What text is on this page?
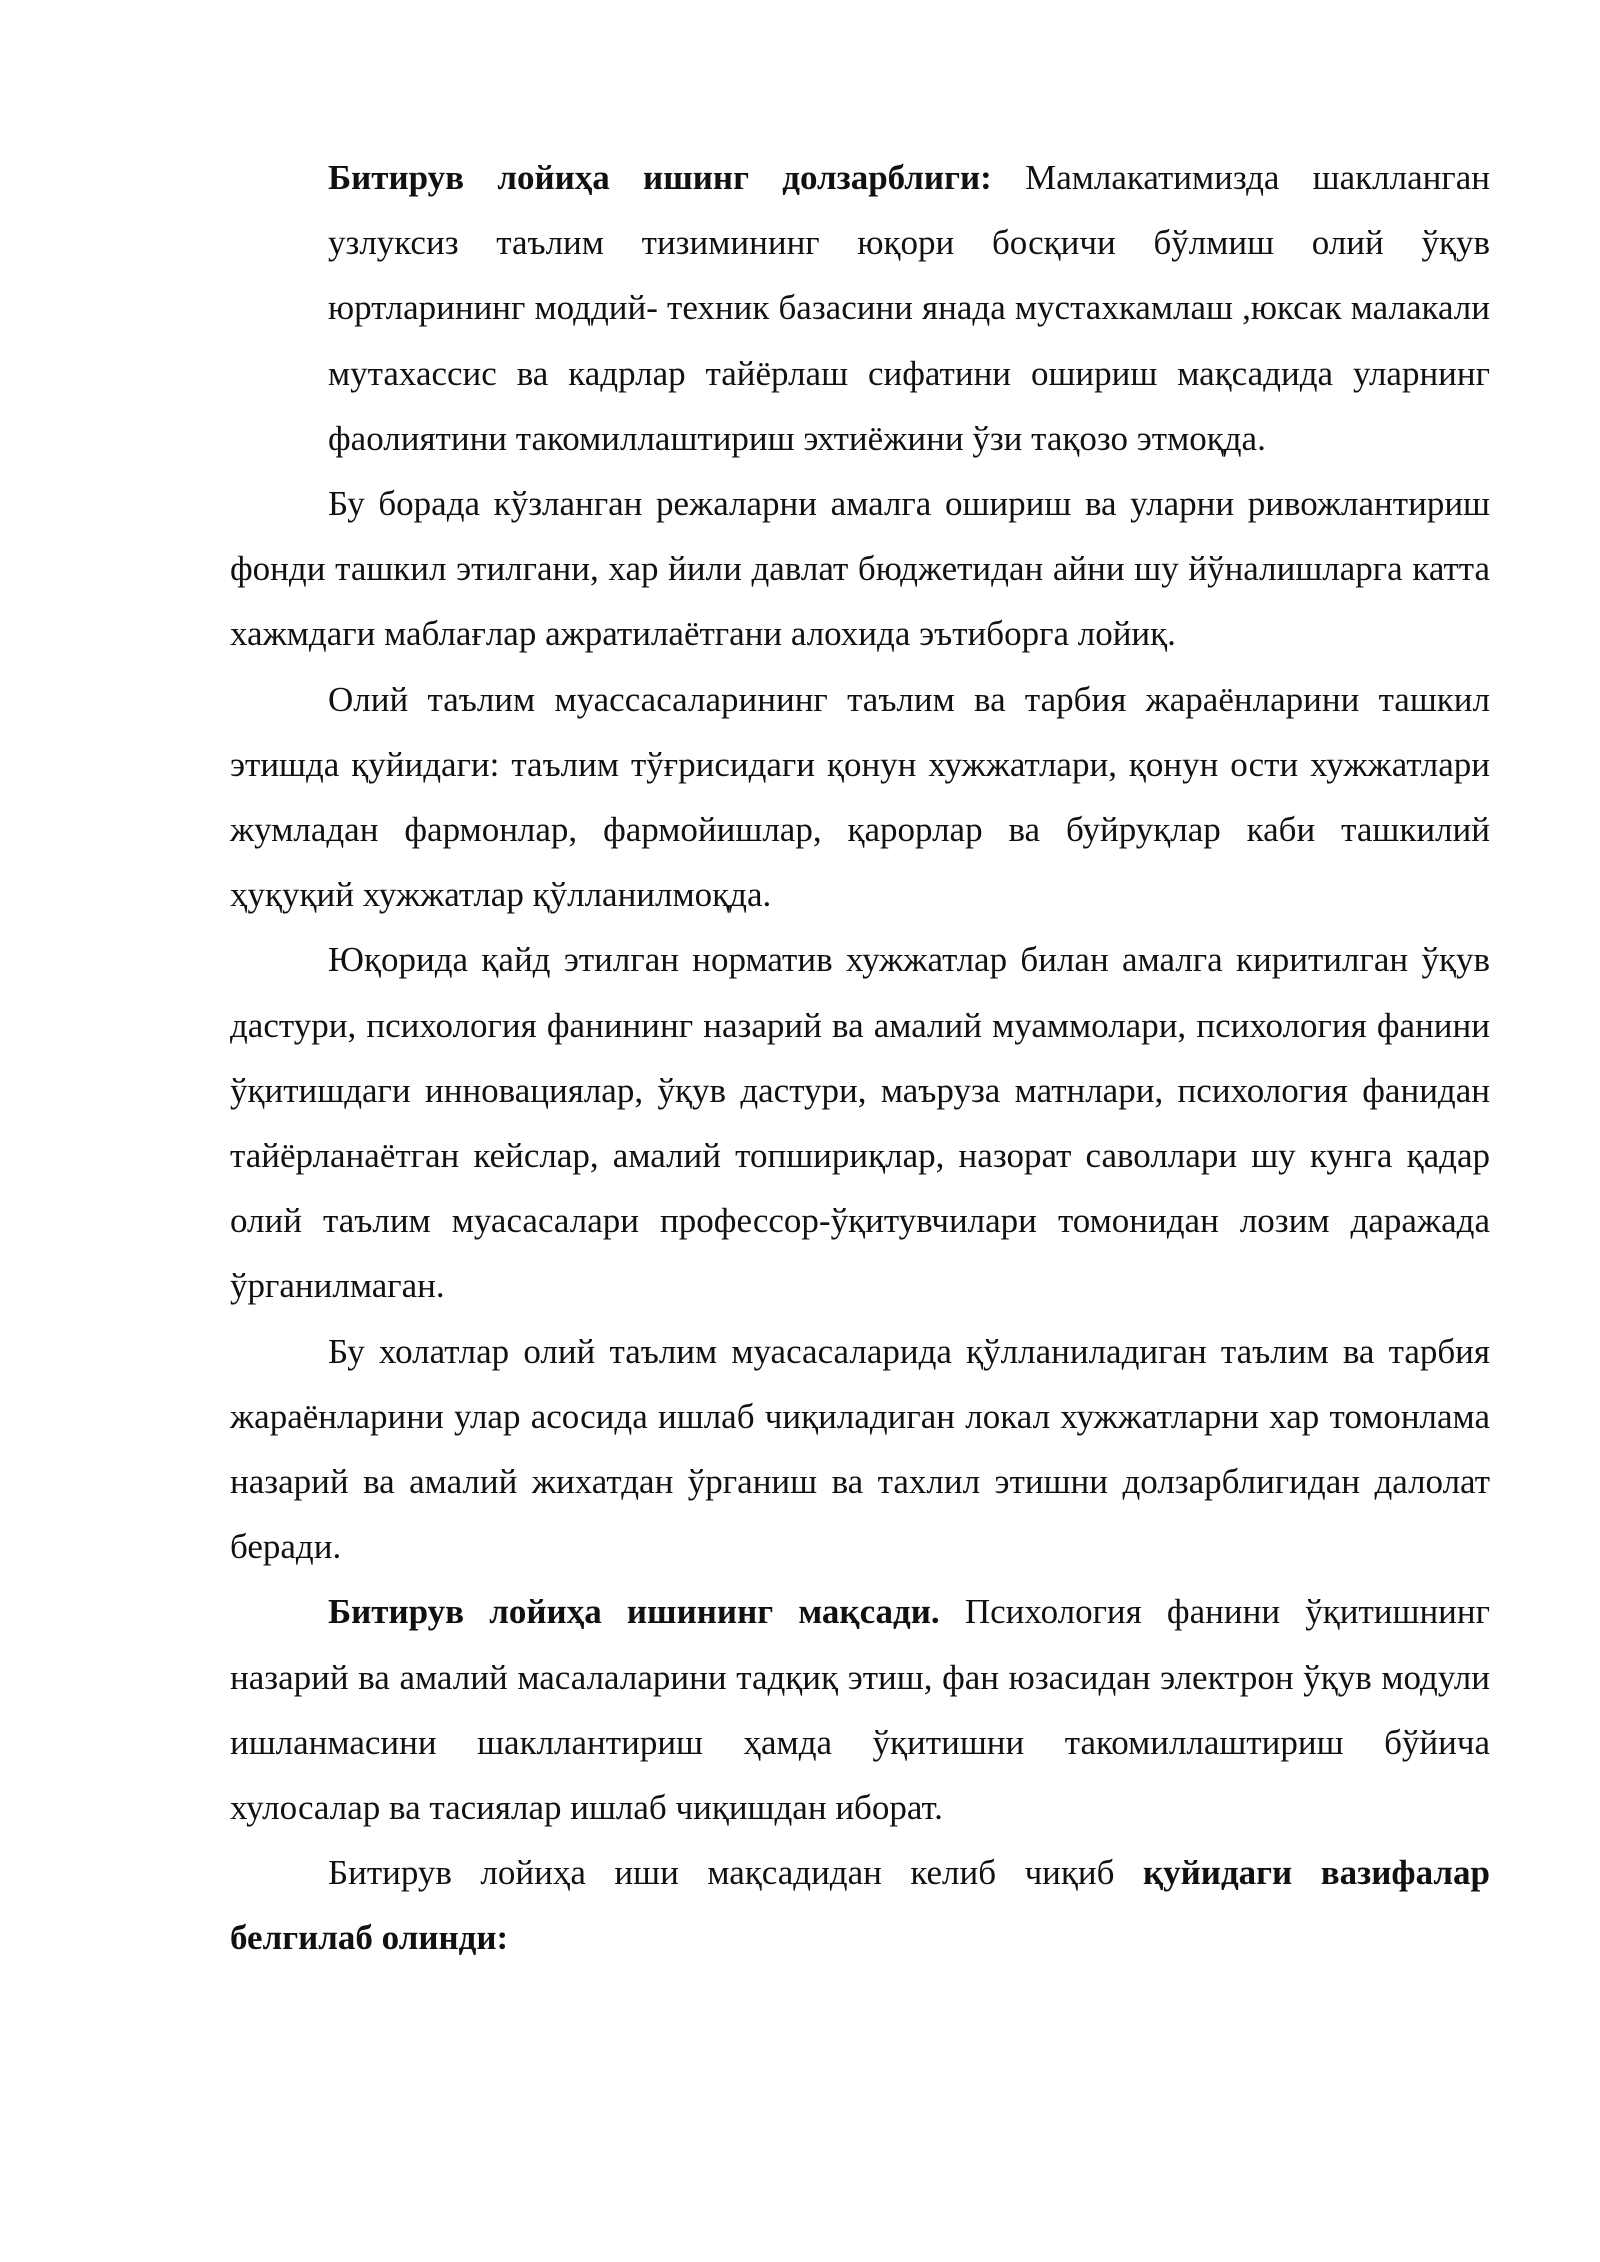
Битирув лойиҳа ишинг долзарблиги: Мамлакатимизда шаклланган узлуксиз таълим тизимининг юқори босқичи бўлмиш олий ўқув юртларининг моддий- техник базасини янада мустахкамлаш ,юксак малакали мутахассис ва кадрлар тайёрлаш сифатини ошириш мақсадида уларнинг фаолиятини такомиллаштириш эхтиёжини ўзи тақозо этмоқда.

Бу борада кўзланган режаларни амалга ошириш ва уларни ривожлантириш фонди ташкил этилгани, хар йили давлат бюджетидан айни шу йўналишларга катта хажмдаги маблағлар ажратилаётгани алохида эътиборга лойиқ.

Олий таълим муассасаларининг таълим ва тарбия жараёнларини ташкил этишда қуйидаги: таълим тўғрисидаги қонун хужжатлари, қонун ости хужжатлари жумладан фармонлар, фармойишлар, қарорлар ва буйруқлар каби ташкилий ҳуқуқий хужжатлар қўлланилмоқда.

Юқорида қайд этилган норматив хужжатлар билан амалга киритилган ўқув дастури, психология фанининг назарий ва амалий муаммолари, психология фанини ўқитишдаги инновациялар, ўқув дастури, маъруза матнлари, психология фанидан тайёрланаётган кейслар, амалий топшириқлар, назорат саволлари шу кунга қадар олий таълим муасасалари профессор-ўқитувчилари томонидан лозим даражада ўрганилмаган.

Бу холатлар олий таълим муасасаларида қўлланиладиган таълим ва тарбия жараёнларини улар асосида ишлаб чиқиладиган локал хужжатларни хар томонлама назарий ва амалий жихатдан ўрганиш ва тахлил этишни долзарблигидан далолат беради.

Битирув лойиҳа ишининг мақсади. Психология фанини ўқитишнинг назарий ва амалий масалаларини тадқиқ этиш, фан юзасидан электрон ўқув модули ишланмасини шакллантириш ҳамда ўқитишни такомиллаштириш бўйича хулосалар ва тасиялар ишлаб чиқишдан иборат.

Битирув лойиҳа иши мақсадидан келиб чиқиб қуйидаги вазифалар белгилаб олинди:
